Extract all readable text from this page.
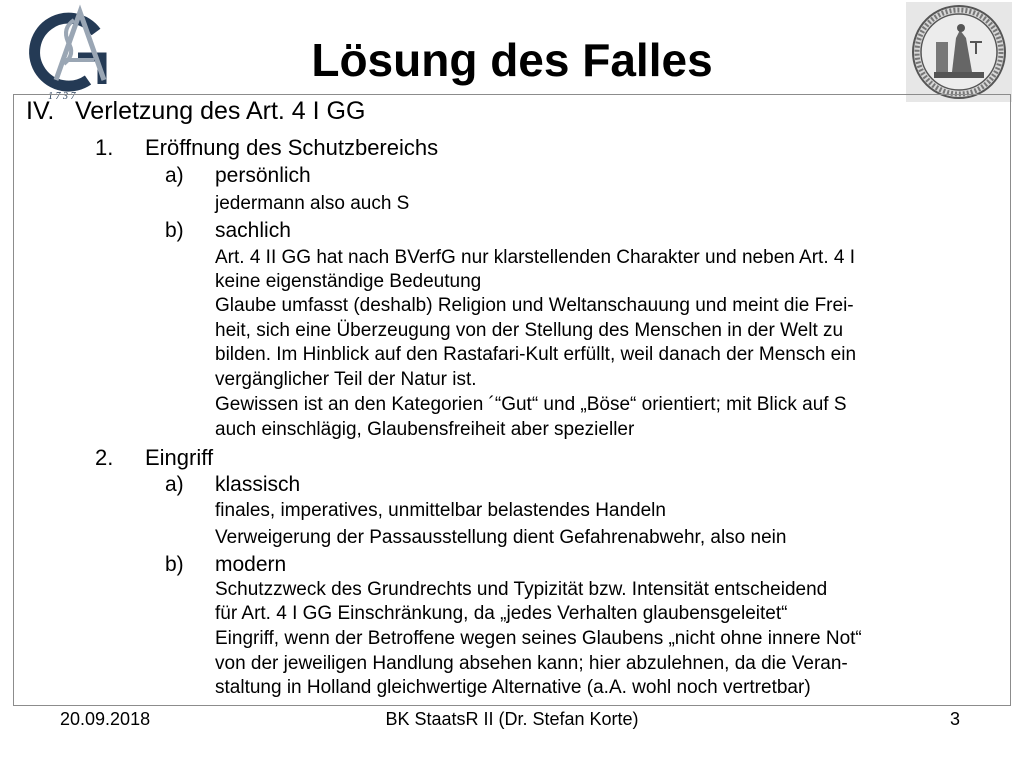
1 7 3 7
Lösung des Falles
IV. Verletzung des Art. 4 I GG
1. Eröffnung des Schutzbereichs
a) persönlich
jedermann also auch S
b) sachlich
Art. 4 II GG hat nach BVerfG nur klarstellenden Charakter und neben Art. 4 I
keine eigenständige Bedeutung
Glaube umfasst (deshalb) Religion und Weltanschauung und meint die Frei-
heit, sich eine Überzeugung von der Stellung des Menschen in der Welt zu
bilden. Im Hinblick auf den Rastafari-Kult erfüllt, weil danach der Mensch ein
vergänglicher Teil der Natur ist.
Gewissen ist an den Kategorien ´“Gut“ und „Böse“ orientiert; mit Blick auf S
auch einschlägig, Glaubensfreiheit aber spezieller
2. Eingriff
a) klassisch
finales, imperatives, unmittelbar belastendes Handeln
Verweigerung der Passausstellung dient Gefahrenabwehr, also nein
b) modern
Schutzzweck des Grundrechts und Typizität bzw. Intensität entscheidend
für Art. 4 I GG Einschränkung, da „jedes Verhalten glaubensgeleitet“
Eingriff, wenn der Betroffene wegen seines Glaubens „nicht ohne innere Not“
von der jeweiligen Handlung absehen kann; hier abzulehnen, da die Veran-
staltung in Holland gleichwertige Alternative (a.A. wohl noch vertretbar)
20.09.2018	BK StaatsR II (Dr. Stefan Korte)	3
